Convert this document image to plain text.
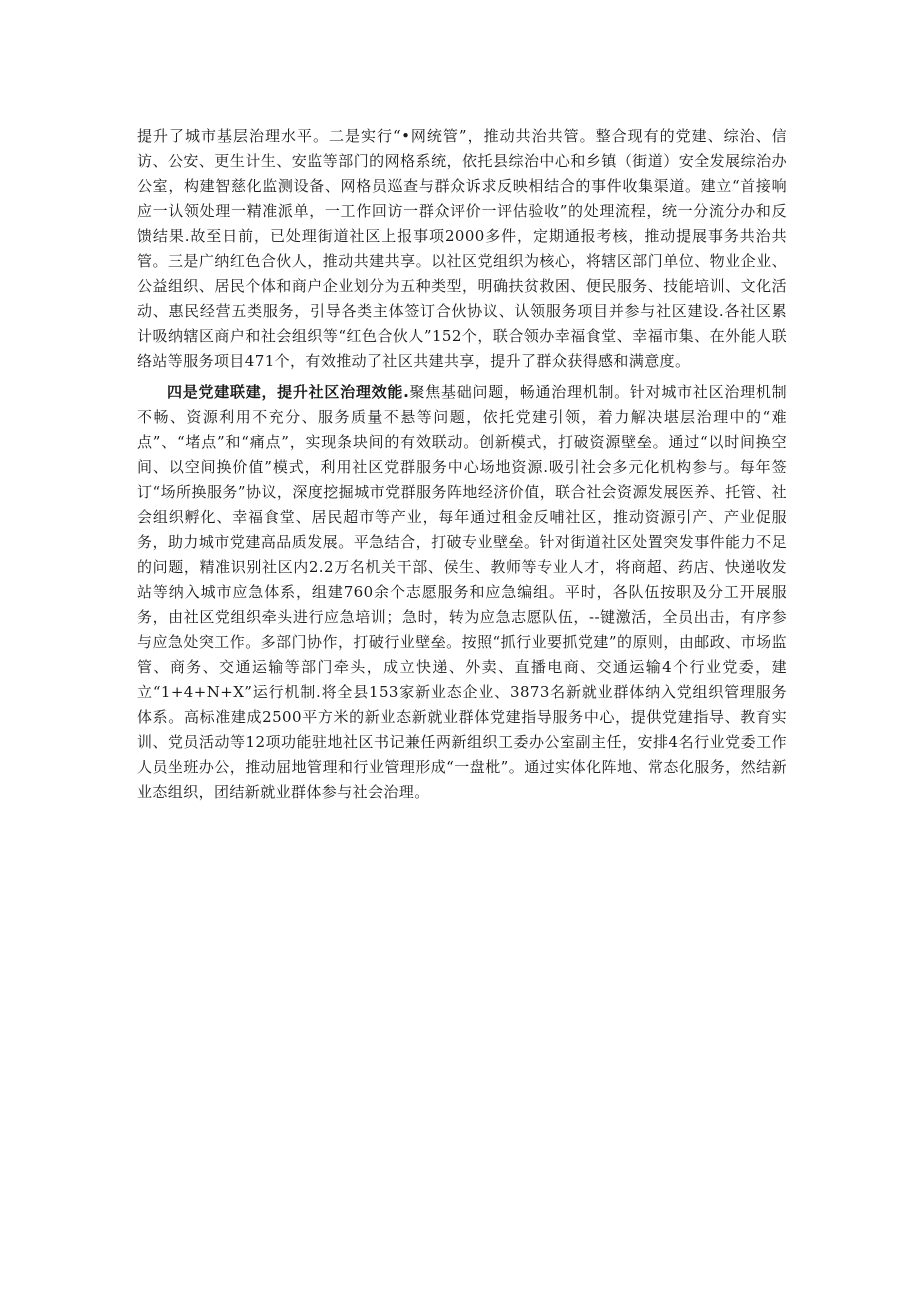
提升了城市基层治理水平。二是实行“•网统管”，推动共治共管。整合现有的党建、综治、信访、公安、更生计生、安监等部门的网格系统，依托县综治中心和乡镇（街道）安全发展综治办公室，构建智慈化监测设备、网格员巡查与群众诉求反映相结合的事件收集渠道。建立“首接响应一认领处理一精准派单，一工作回访一群众评价一评估验收”的处理流程，统一分流分办和反馈结果.故至日前，已处理街道社区上报事项2000多件，定期通报考核，推动提展事务共治共管。三是广纳红色合伙人，推动共建共享。以社区党组织为核心，将辖区部门单位、物业企业、公益组织、居民个体和商户企业划分为五种类型，明确扶贫救困、便民服务、技能培训、文化活动、惠民经营五类服务，引导各类主体签订合伙协议、认领服务项目并参与社区建设.各社区累计吸纳辖区商户和社会组织等“红色合伙人”152个，联合领办幸福食堂、幸福市集、在外能人联络站等服务项目471个，有效推动了社区共建共享，提升了群众获得感和满意度。

四是党建联建，提升社区治理效能.聚焦基础问题，畅通治理机制。针对城市社区治理机制不畅、资源利用不充分、服务质量不悬等问题，依托党建引领，着力解决堪层治理中的“难点”、“堵点”和“痛点”，实现条块间的有效联动。创新模式，打破资源壁垒。通过“以时间换空间、以空间换价值”模式，利用社区党群服务中心场地资源.吸引社会多元化机构参与。每年签订“场所换服务”协议，深度挖掘城市党群服务阵地经济价值，联合社会资源发展医养、托管、社会组织孵化、幸福食堂、居民超市等产业，每年通过租金反哺社区，推动资源引产、产业促服务，助力城市党建高品质发展。平急结合，打破专业壁垒。针对街道社区处置突发事件能力不足的问题，精准识别社区内2.2万名机关干部、侯生、教师等专业人才，将商超、药店、快递收发站等纳入城市应急体系，组建760余个志愿服务和应急编组。平时，各队伍按职及分工开展服务，由社区党组织牵头进行应急培训；急时，转为应急志愿队伍，--键激活，全员出击，有序参与应急处突工作。多部门协作，打破行业壁垒。按照“抓行业要抓党建”的原则，由邮政、市场监管、商务、交通运输等部门牵头，成立快递、外卖、直播电商、交通运输4个行业党委，建立“1+4+N+X”运行机制.将全县153家新业态企业、3873名新就业群体纳入党组织管理服务体系。高标准建成2500平方米的新业态新就业群体党建指导服务中心，提供党建指导、教育实训、党员活动等12项功能驻地社区书记兼任两新组织工委办公室副主任，安排4名行业党委工作人员坐班办公，推动屈地管理和行业管理形成“一盘枇”。通过实体化阵地、常态化服务，然结新业态组织，团结新就业群体参与社会治理。
